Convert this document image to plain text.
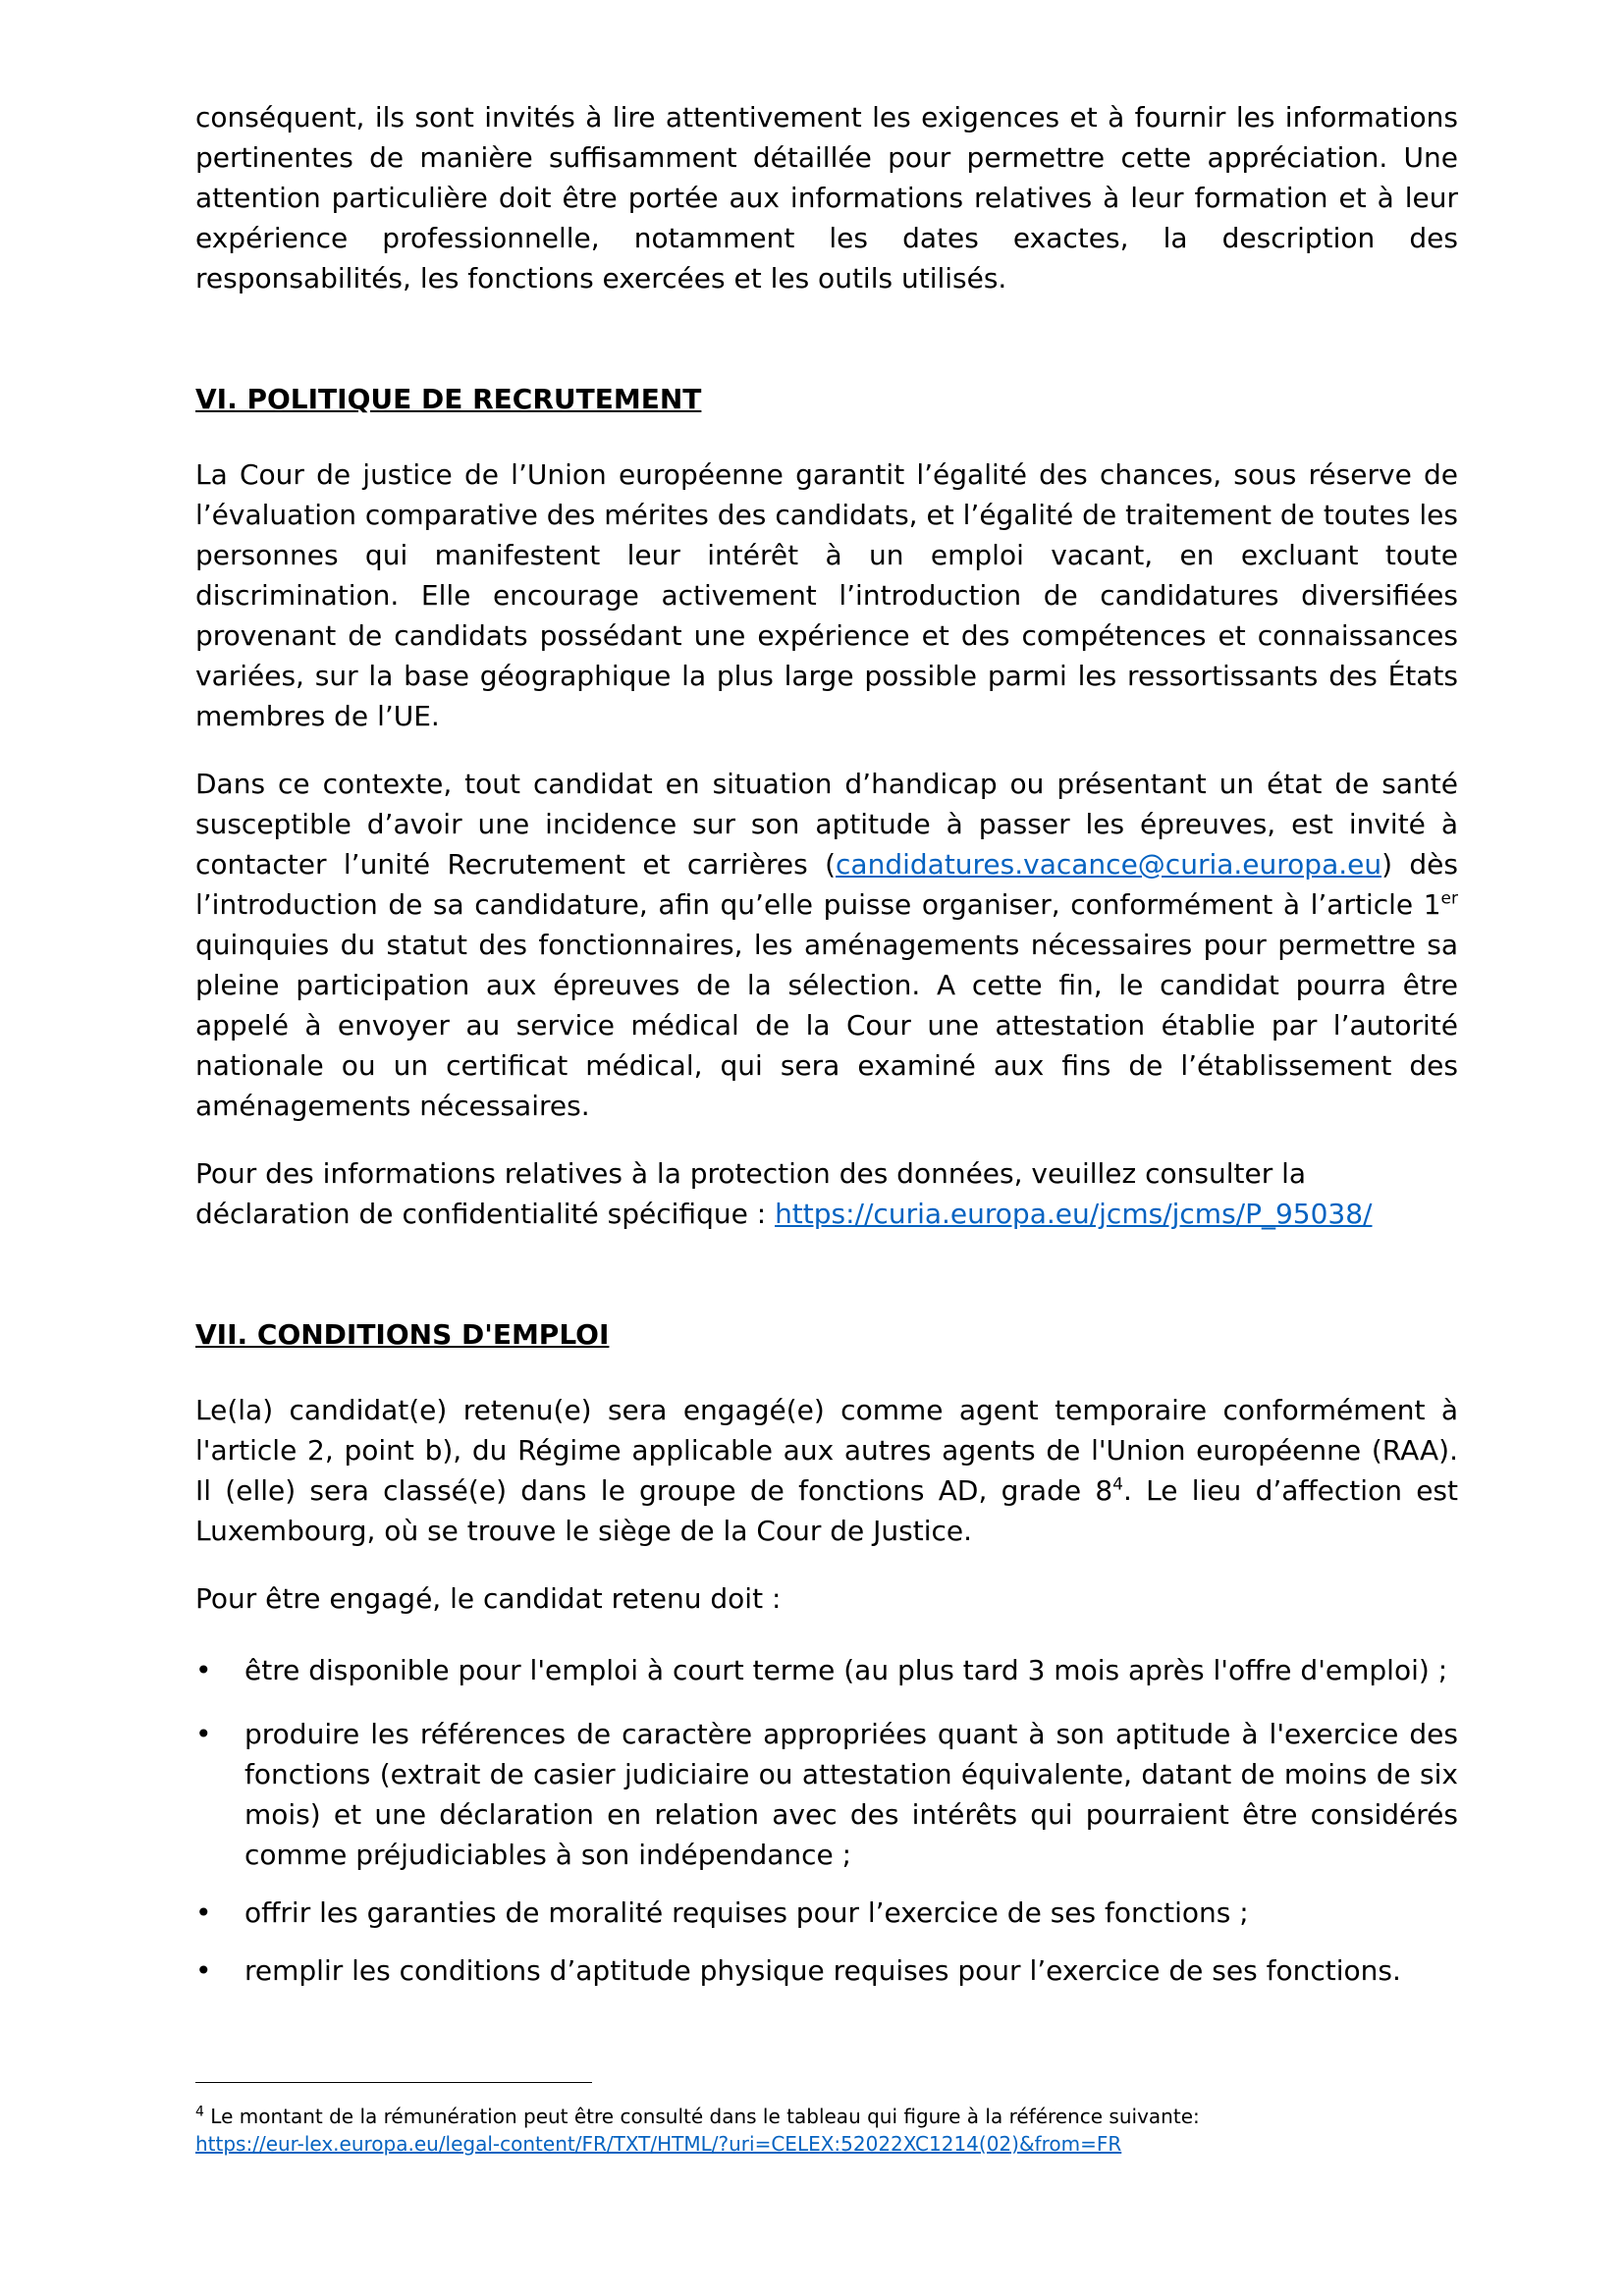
conséquent, ils sont invités à lire attentivement les exigences et à fournir les informations pertinentes de manière suffisamment détaillée pour permettre cette appréciation. Une attention particulière doit être portée aux informations relatives à leur formation et à leur expérience professionnelle, notamment les dates exactes, la description des responsabilités, les fonctions exercées et les outils utilisés.

VI. POLITIQUE DE RECRUTEMENT

La Cour de justice de l’Union européenne garantit l’égalité des chances, sous réserve de l’évaluation comparative des mérites des candidats, et l’égalité de traitement de toutes les personnes qui manifestent leur intérêt à un emploi vacant, en excluant toute discrimination. Elle encourage activement l’introduction de candidatures diversifiées provenant de candidats possédant une expérience et des compétences et connaissances variées, sur la base géographique la plus large possible parmi les ressortissants des États membres de l’UE.

Dans ce contexte, tout candidat en situation d’handicap ou présentant un état de santé susceptible d’avoir une incidence sur son aptitude à passer les épreuves, est invité à contacter l’unité Recrutement et carrières (candidatures.vacance@curia.europa.eu) dès l’introduction de sa candidature, afin qu’elle puisse organiser, conformément à l’article 1er quinquies du statut des fonctionnaires, les aménagements nécessaires pour permettre sa pleine participation aux épreuves de la sélection. A cette fin, le candidat pourra être appelé à envoyer au service médical de la Cour une attestation établie par l’autorité nationale ou un certificat médical, qui sera examiné aux fins de l’établissement des aménagements nécessaires.

Pour des informations relatives à la protection des données, veuillez consulter la déclaration de confidentialité spécifique : https://curia.europa.eu/jcms/jcms/P_95038/

VII. CONDITIONS D'EMPLOI

Le(la) candidat(e) retenu(e) sera engagé(e) comme agent temporaire conformément à l'article 2, point b), du Régime applicable aux autres agents de l'Union européenne (RAA). Il (elle) sera classé(e) dans le groupe de fonctions AD, grade $8^4$. Le lieu d’affection est Luxembourg, où se trouve le siège de la Cour de Justice.

Pour être engagé, le candidat retenu doit :

•	être disponible pour l'emploi à court terme (au plus tard 3 mois après l'offre d'emploi) ;
•	produire les références de caractère appropriées quant à son aptitude à l'exercice des fonctions (extrait de casier judiciaire ou attestation équivalente, datant de moins de six mois) et une déclaration en relation avec des intérêts qui pourraient être considérés comme préjudiciables à son indépendance ;
•	offrir les garanties de moralité requises pour l’exercice de ses fonctions ;
•	remplir les conditions d’aptitude physique requises pour l’exercice de ses fonctions.
$^4$ Le montant de la rémunération peut être consulté dans le tableau qui figure à la référence suivante:
https://eur-lex.europa.eu/legal-content/FR/TXT/HTML/?uri=CELEX:52022XC1214(02)&from=FR
